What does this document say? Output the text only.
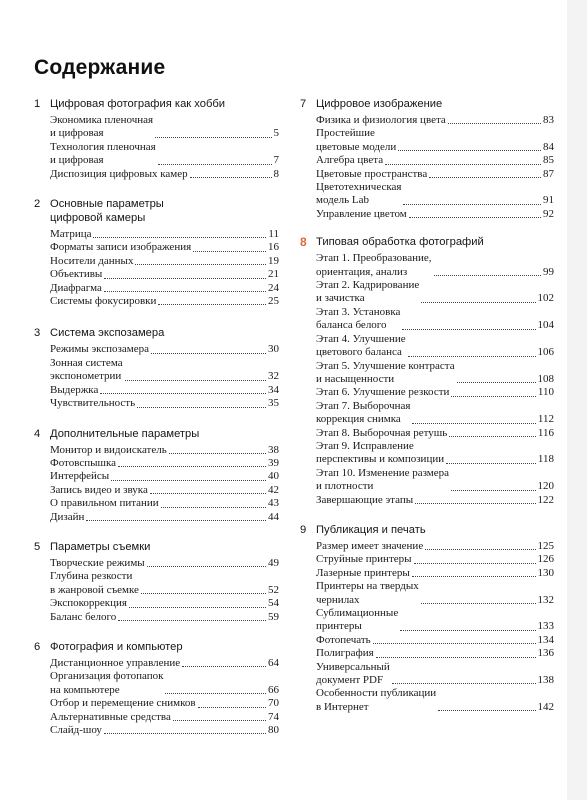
Содержание
1 Цифровая фотография как хобби
Экономика пленочная
и цифровая	5
Технология пленочная
и цифровая	7
Диспозиция цифровых камер	8
2 Основные параметры
цифровой камеры
Матрица	11
Форматы записи изображения	16
Носители данных	19
Объективы	21
Диафрагма	24
Системы фокусировки	25
3 Система экспозамера
Режимы экспозамера	30
Зонная система
экспонометрии	32
Выдержка	34
Чувствительность	35
4 Дополнительные параметры
Монитор и видоискатель	38
Фотовспышка	39
Интерфейсы	40
Запись видео и звука	42
О правильном питании	43
Дизайн	44
5 Параметры съемки
Творческие режимы	49
Глубина резкости
в жанровой съемке	52
Экспокоррекция	54
Баланс белого	59
6 Фотография и компьютер
Дистанционное управление	64
Организация фотопапок
на компьютере	66
Отбор и перемещение снимков	70
Альтернативные средства	74
Слайд-шоу	80
7 Цифровое изображение
Физика и физиология цвета	83
Простейшие
цветовые модели	84
Алгебра цвета	85
Цветовые пространства	87
Цветотехническая
модель Lab	91
Управление цветом	92
8 Типовая обработка фотографий
Этап 1. Преобразование,
ориентация, анализ	99
Этап 2. Кадрирование
и зачистка	102
Этап 3. Установка
баланса белого	104
Этап 4. Улучшение
цветового баланса	106
Этап 5. Улучшение контраста
и насыщенности	108
Этап 6. Улучшение резкости	110
Этап 7. Выборочная
коррекция снимка	112
Этап 8. Выборочная ретушь	116
Этап 9. Исправление
перспективы и композиции	118
Этап 10. Изменение размера
и плотности	120
Завершающие этапы	122
9 Публикация и печать
Размер имеет значение	125
Струйные принтеры	126
Лазерные принтеры	130
Принтеры на твердых
чернилах	132
Сублимационные
принтеры	133
Фотопечать	134
Полиграфия	136
Универсальный
документ PDF	138
Особенности публикации
в Интернет	142
